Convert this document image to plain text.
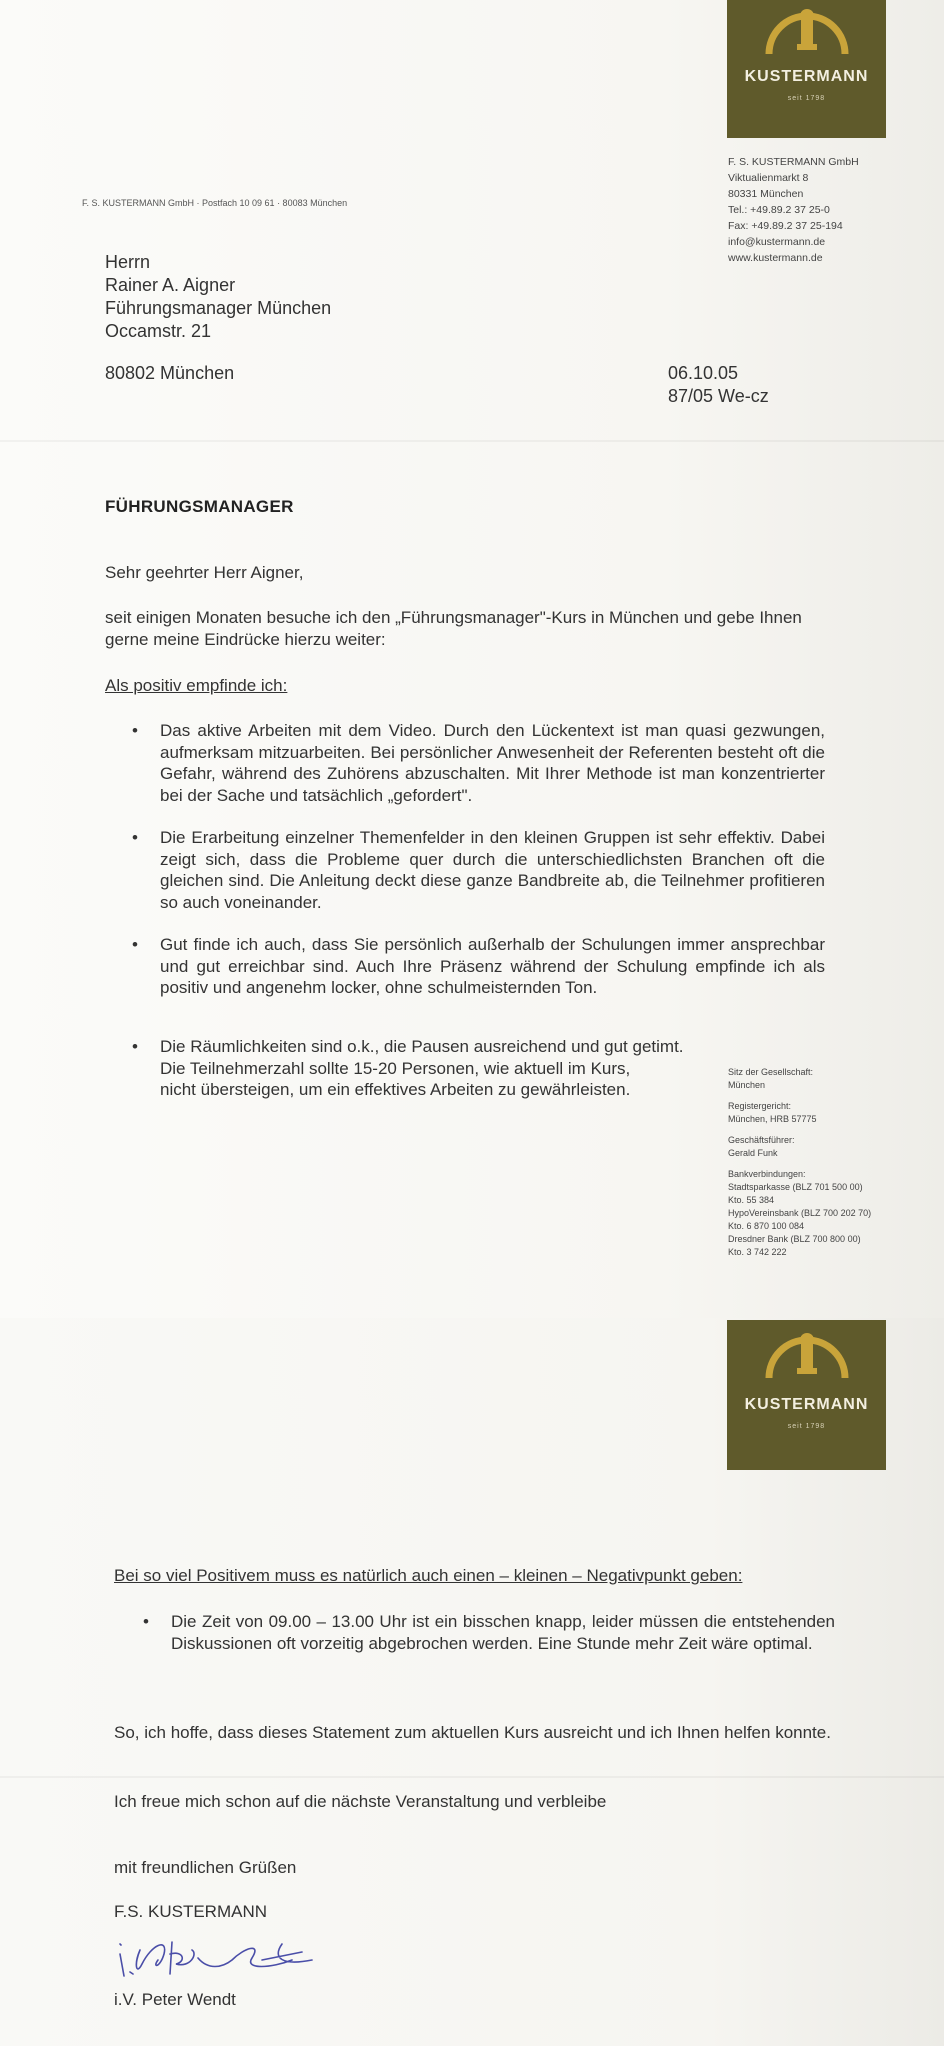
KUSTERMANN
seit 1798
F. S. KUSTERMANN GmbH
Viktualienmarkt 8
80331 München
Tel.: +49.89.2 37 25-0
Fax: +49.89.2 37 25-194
info@kustermann.de
www.kustermann.de
F. S. KUSTERMANN GmbH · Postfach 10 09 61 · 80083 München
Herrn
Rainer A. Aigner
Führungsmanager München
Occamstr. 21
80802 München	06.10.05
87/05 We-cz
FÜHRUNGSMANAGER
Sehr geehrter Herr Aigner,
seit einigen Monaten besuche ich den „Führungsmanager"-Kurs in München und gebe Ihnen gerne meine Eindrücke hierzu weiter:
Als positiv empfinde ich:
• Das aktive Arbeiten mit dem Video. Durch den Lückentext ist man quasi gezwungen, aufmerksam mitzuarbeiten. Bei persönlicher Anwesenheit der Referenten besteht oft die Gefahr, während des Zuhörens abzuschalten. Mit Ihrer Methode ist man konzentrierter bei der Sache und tatsächlich „gefordert".
• Die Erarbeitung einzelner Themenfelder in den kleinen Gruppen ist sehr effektiv. Dabei zeigt sich, dass die Probleme quer durch die unterschiedlichsten Branchen oft die gleichen sind. Die Anleitung deckt diese ganze Bandbreite ab, die Teilnehmer profitieren so auch voneinander.
• Gut finde ich auch, dass Sie persönlich außerhalb der Schulungen immer ansprechbar und gut erreichbar sind. Auch Ihre Präsenz während der Schulung empfinde ich als positiv und angenehm locker, ohne schulmeisternden Ton.
• Die Räumlichkeiten sind o.k., die Pausen ausreichend und gut getimt.
Die Teilnehmerzahl sollte 15-20 Personen, wie aktuell im Kurs,
nicht übersteigen, um ein effektives Arbeiten zu gewährleisten.
Sitz der Gesellschaft:
München
Registergericht:
München, HRB 57775
Geschäftsführer:
Gerald Funk
Bankverbindungen:
Stadtsparkasse (BLZ 701 500 00)
Kto. 55 384
HypoVereinsbank (BLZ 700 202 70)
Kto. 6 870 100 084
Dresdner Bank (BLZ 700 800 00)
Kto. 3 742 222
KUSTERMANN
seit 1798
Bei so viel Positivem muss es natürlich auch einen – kleinen – Negativpunkt geben:
• Die Zeit von 09.00 – 13.00 Uhr ist ein bisschen knapp, leider müssen die entstehenden Diskussionen oft vorzeitig abgebrochen werden. Eine Stunde mehr Zeit wäre optimal.
So, ich hoffe, dass dieses Statement zum aktuellen Kurs ausreicht und ich Ihnen helfen konnte.
Ich freue mich schon auf die nächste Veranstaltung und verbleibe
mit freundlichen Grüßen
F.S. KUSTERMANN
i.V. Peter Wendt
